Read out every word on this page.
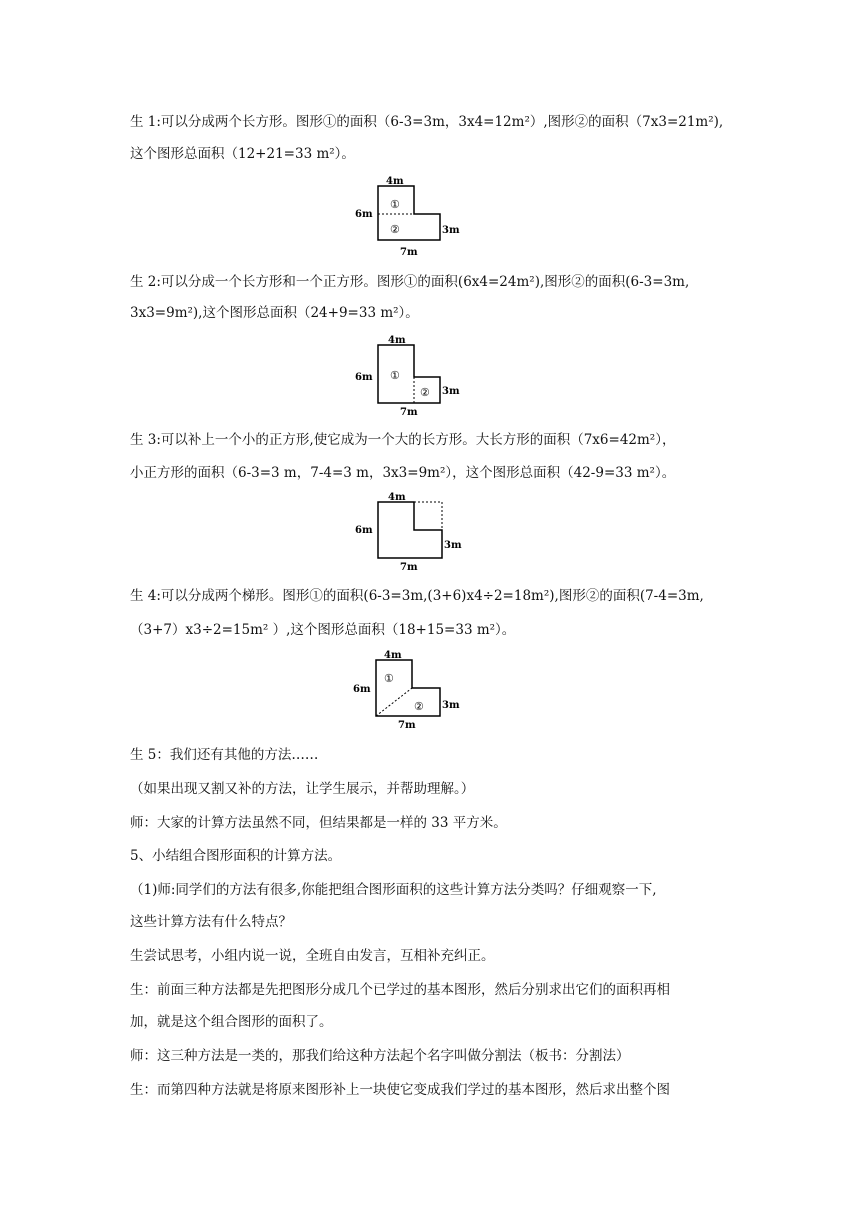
生 1:可以分成两个长方形。图形①的面积（6-3=3m，3x4=12m²）,图形②的面积（7x3=21m²),
这个图形总面积（12+21=33 m²）。
4m
6m
3m
7m
①
②
生 2:可以分成一个长方形和一个正方形。图形①的面积(6x4=24m²),图形②的面积(6-3=3m,
3x3=9m²),这个图形总面积（24+9=33 m²）。
4m
6m
3m
7m
①
②
生 3:可以补上一个小的正方形,使它成为一个大的长方形。大长方形的面积（7x6=42m²），
小正方形的面积（6-3=3 m，7-4=3 m，3x3=9m²），这个图形总面积（42-9=33 m²）。
4m
6m
3m
7m
生 4:可以分成两个梯形。图形①的面积(6-3=3m,(3+6)x4÷2=18m²),图形②的面积(7-4=3m,
（3+7）x3÷2=15m² ）,这个图形总面积（18+15=33 m²）。
4m
6m
3m
7m
①
②
生 5：我们还有其他的方法……
（如果出现又割又补的方法，让学生展示，并帮助理解。）
师：大家的计算方法虽然不同，但结果都是一样的 33 平方米。
5、小结组合图形面积的计算方法。
（1)师:同学们的方法有很多,你能把组合图形面积的这些计算方法分类吗？仔细观察一下,
这些计算方法有什么特点？
生尝试思考，小组内说一说，全班自由发言，互相补充纠正。
生：前面三种方法都是先把图形分成几个已学过的基本图形，然后分别求出它们的面积再相
加，就是这个组合图形的面积了。
师：这三种方法是一类的，那我们给这种方法起个名字叫做分割法（板书：分割法）
生：而第四种方法就是将原来图形补上一块使它变成我们学过的基本图形，然后求出整个图
